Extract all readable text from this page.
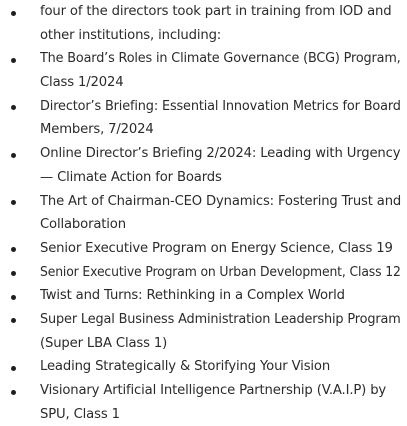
four of the directors took part in training from IOD and
other institutions, including:
The Board’s Roles in Climate Governance (BCG) Program,
Class 1/2024
Director’s Briefing: Essential Innovation Metrics for Board
Members, 7/2024
Online Director’s Briefing 2/2024: Leading with Urgency
— Climate Action for Boards
The Art of Chairman-CEO Dynamics: Fostering Trust and
Collaboration
Senior Executive Program on Energy Science, Class 19
Senior Executive Program on Urban Development, Class 12
Twist and Turns: Rethinking in a Complex World
Super Legal Business Administration Leadership Program
(Super LBA Class 1)
Leading Strategically & Storifying Your Vision
Visionary Artificial Intelligence Partnership (V.A.I.P) by
SPU, Class 1
